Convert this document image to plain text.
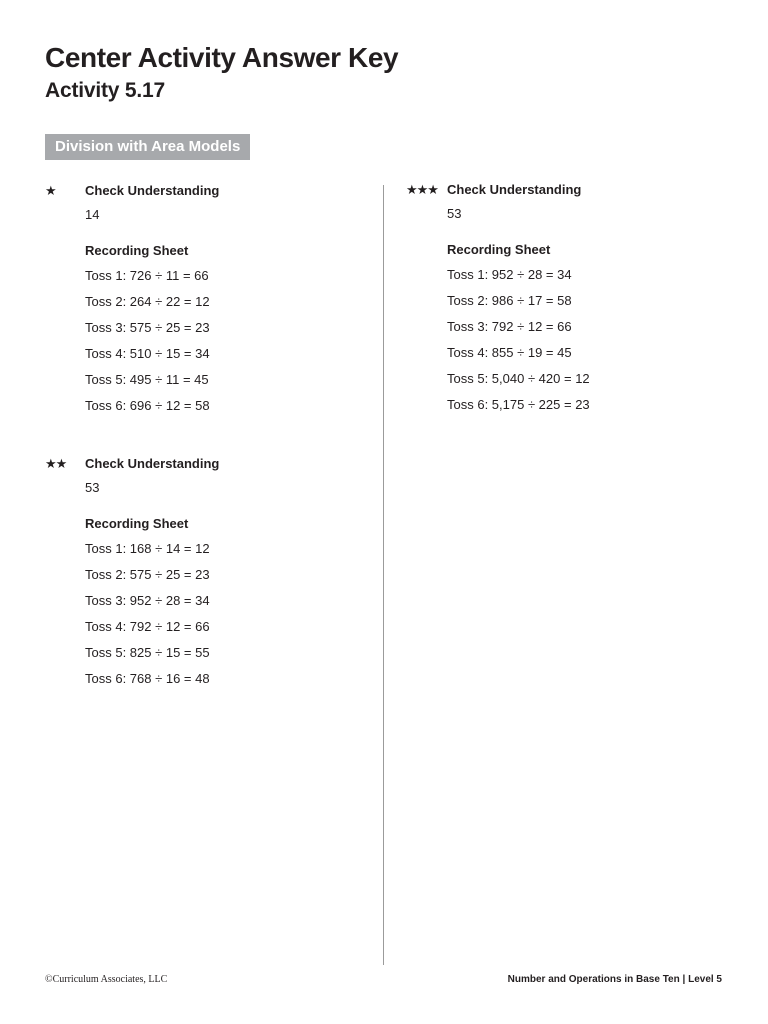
Center Activity Answer Key
Activity 5.17
Division with Area Models
★ Check Understanding
14
Recording Sheet
Toss 1: 726 ÷ 11 = 66
Toss 2: 264 ÷ 22 = 12
Toss 3: 575 ÷ 25 = 23
Toss 4: 510 ÷ 15 = 34
Toss 5: 495 ÷ 11 = 45
Toss 6: 696 ÷ 12 = 58
★★ Check Understanding
53
Recording Sheet
Toss 1: 168 ÷ 14 = 12
Toss 2: 575 ÷ 25 = 23
Toss 3: 952 ÷ 28 = 34
Toss 4: 792 ÷ 12 = 66
Toss 5: 825 ÷ 15 = 55
Toss 6: 768 ÷ 16 = 48
★★★ Check Understanding
53
Recording Sheet
Toss 1: 952 ÷ 28 = 34
Toss 2: 986 ÷ 17 = 58
Toss 3: 792 ÷ 12 = 66
Toss 4: 855 ÷ 19 = 45
Toss 5: 5,040 ÷ 420 = 12
Toss 6: 5,175 ÷ 225 = 23
©Curriculum Associates, LLC	Number and Operations in Base Ten | Level 5
